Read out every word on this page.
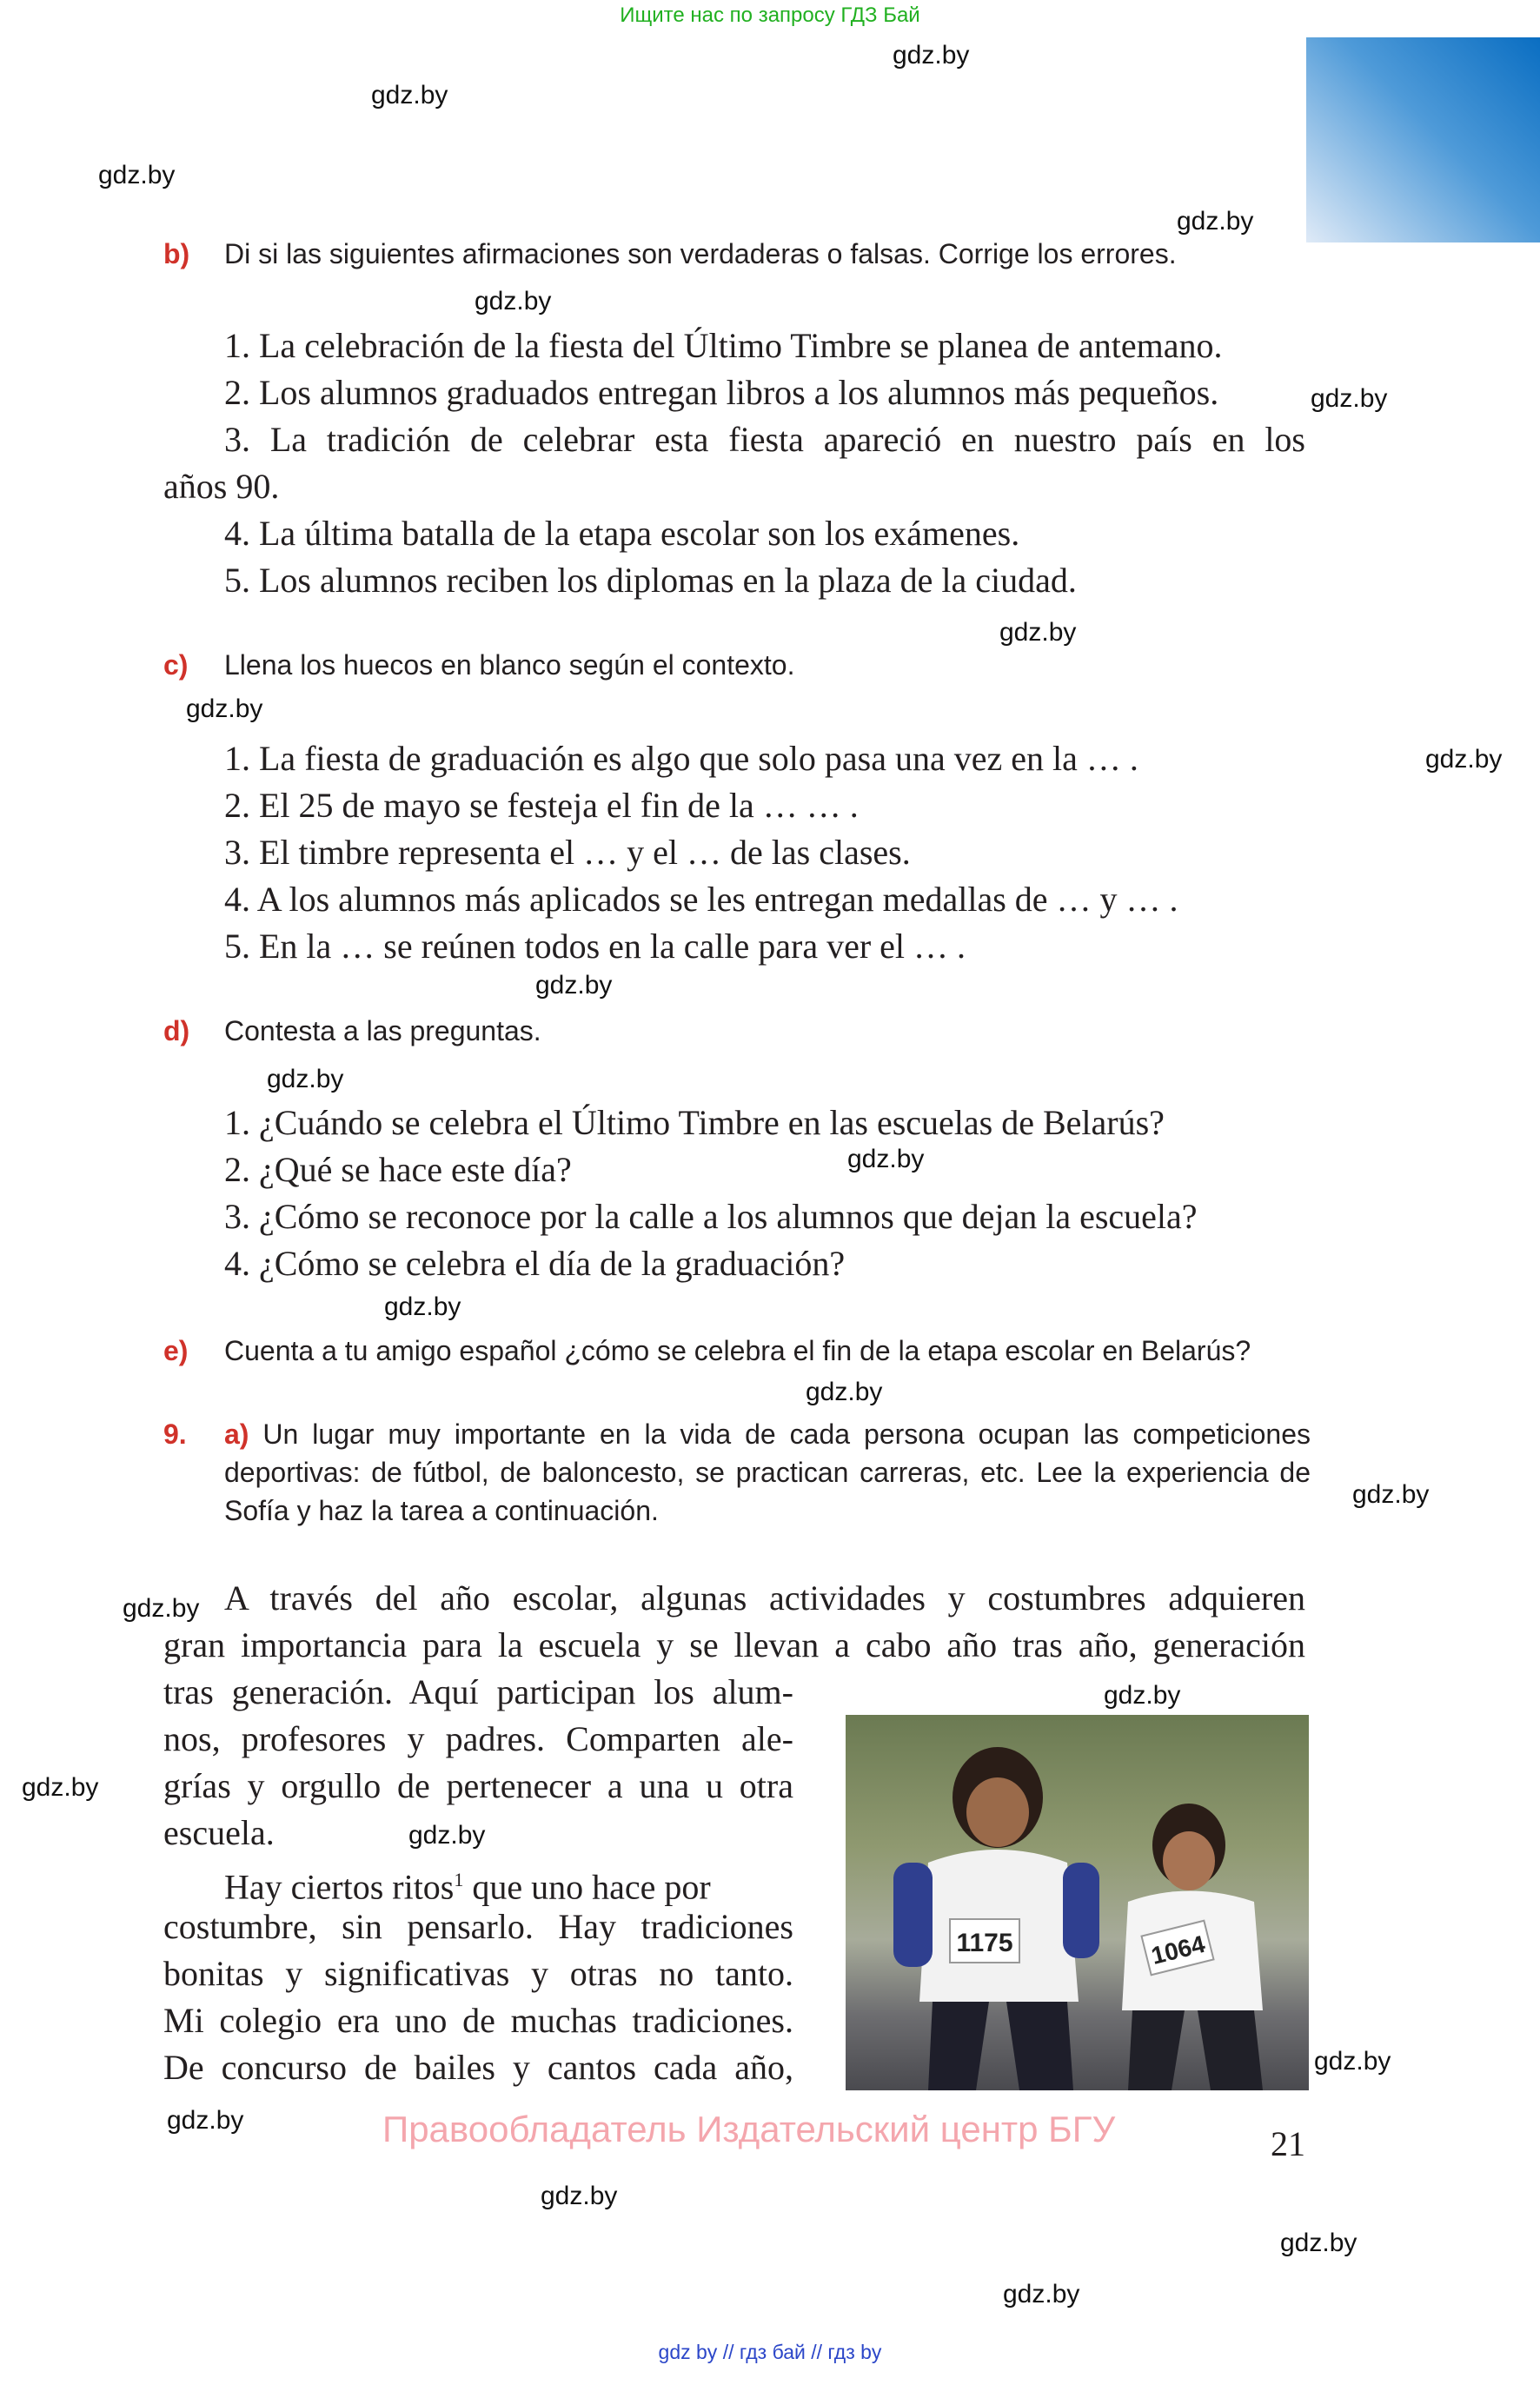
Ищите нас по запросу ГДЗ Бай
gdz.by
gdz.by
gdz.by
gdz.by
gdz.by
gdz.by
gdz.by
gdz.by
gdz.by
gdz.by
gdz.by
gdz.by
gdz.by
gdz.by
gdz.by
gdz.by
gdz.by
gdz.by
gdz.by
gdz.by
gdz.by
gdz.by
gdz.by
gdz.by
b) Di si las siguientes afirmaciones son verdaderas o falsas. Corrige los errores.
1. La celebración de la fiesta del Último Timbre se planea de antemano.
2. Los alumnos graduados entregan libros a los alumnos más pequeños.
3. La tradición de celebrar esta fiesta apareció en nuestro país en los
años 90.
4. La última batalla de la etapa escolar son los exámenes.
5. Los alumnos reciben los diplomas en la plaza de la ciudad.
c) Llena los huecos en blanco según el contexto.
1. La fiesta de graduación es algo que solo pasa una vez en la … .
2. El 25 de mayo se festeja el fin de la … … .
3. El timbre representa el … y el … de las clases.
4. A los alumnos más aplicados se les entregan medallas de … y … .
5. En la … se reúnen todos en la calle para ver el … .
d) Contesta a las preguntas.
1. ¿Cuándo se celebra el Último Timbre en las escuelas de Belarús?
2. ¿Qué se hace este día?
3. ¿Cómo se reconoce por la calle a los alumnos que dejan la escuela?
4. ¿Cómo se celebra el día de la graduación?
e) Cuenta a tu amigo español ¿cómo se celebra el fin de la etapa escolar en Belarús?
9. a) Un lugar muy importante en la vida de cada persona ocupan las competiciones deportivas: de fútbol, de baloncesto, se practican carreras, etc. Lee la experiencia de Sofía y haz la tarea a continuación.
A través del año escolar, algunas actividades y costumbres adquieren
gran importancia para la escuela y se llevan a cabo año tras año, generación
tras generación. Aquí participan los alum-
nos, profesores y padres. Comparten ale-
grías y orgullo de pertenecer a una u otra
escuela.
Hay ciertos ritos$^1$ que uno hace por
costumbre, sin pensarlo. Hay tradiciones
bonitas y significativas y otras no tanto.
Mi colegio era uno de muchas tradiciones.
De concurso de bailes y cantos cada año,
1175	1064
Правообладатель Издательский центр БГУ	21
gdz by // гдз бай // гдз by
